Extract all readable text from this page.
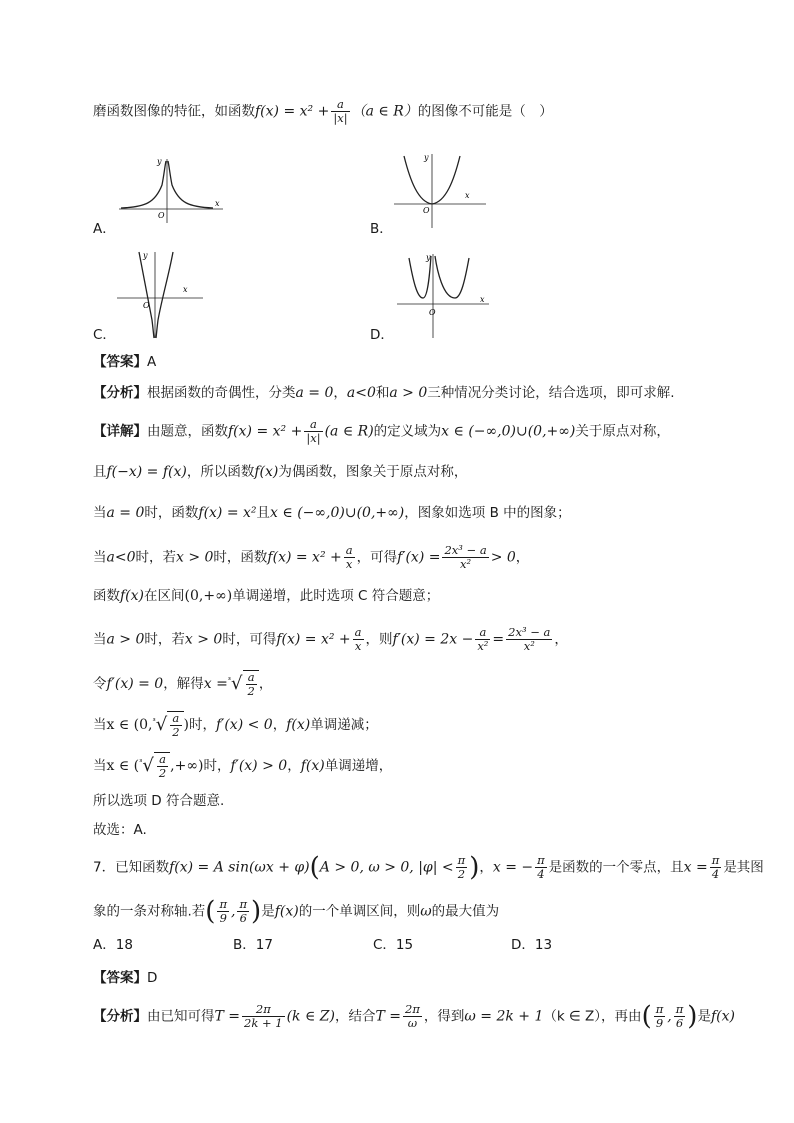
磨函数图像的特征，如函数$f(x) = x^2 + \frac{a}{|x|} (a$ ∈ R）的图像不可能是（　）
x
y
O
A．
x
y
O
B．
x
y
O
C．
x
y
O
D．
【答案】A
【分析】根据函数的奇偶性，分类a = 0，a<0和a > 0三种情况分类讨论，结合选项，即可求解.
【详解】由题意，函数$f(x) = x^2 + \frac{a}{|x|} (a$ ∈ R)的定义域为x ∈ (−∞,0)∪(0,+∞)关于原点对称，
且f(−x) = f(x)，所以函数f(x)为偶函数，图象关于原点对称，
当a = 0时，函数f(x) = x²且x ∈ (−∞,0)∪(0,+∞)，图象如选项 B 中的图象；
当a<0时，若x > 0时，函数$f(x) = x^2 + \frac{a}{x}$ ，可得$f'(x) = \frac{\text{2x³ − a}}{\text{x²}} > 0$，
函数f(x)在区间(0,+∞)单调递增，此时选项 C 符合题意；
当a > 0时，若x > 0时，可得$f(x) = x^2 + \frac{a}{x}$ ，则$f'(x) = 2x - \frac{a}{\text{x²}} = \frac{\text{2x³ − a}}{\text{x²}}$ ，
令f′(x) = 0，解得$x =^{^3}√ \frac{a}{2}$ ，
当x ∈ ($0,^{^3}√ \frac{a}{2}$ )时，f′(x) < 0，f(x)单调递减；
当x ∈ ($^{^3}√ \frac{a}{2}$ ,+∞)时，f′(x) > 0，f(x)单调递增，
所以选项 D 符合题意.
故选：A.
7．已知函数f(x) = A sin(ωx + φ)(A > 0, ω > 0, $|\varphi| < \frac{\pi}{2}$ )，x = − $\frac{\pi}{4}$ 是函数的一个零点，且$x = \frac{\pi}{4}$ 是其图
象的一条对称轴.若( $\frac{\pi}{9}$ , $\frac{\pi}{6}$ )是f(x)的一个单调区间，则ω的最大值为
A．18	B．17	C．15	D．13
【答案】D
【分析】由已知可得$T = \frac{2\pi}{2k + 1} (k$ ∈ Z)，结合$T = \frac{2\pi}{\omega}$ ，得到ω = 2k + 1（k ∈ Z），再由( $\frac{\pi}{9}$ , $\frac{\pi}{6}$ )是f(x)
